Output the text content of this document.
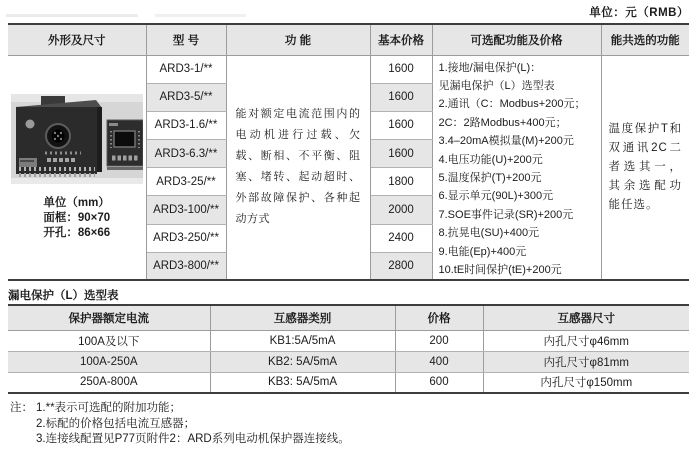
单位：元（RMB）
外形及尺寸	型 号	功 能	基本价格	可选配功能及价格	能共选的功能

单位（mm）
面框：90×70
开孔：86×66
	ARD3-1/**	
能对额定电流范围内的电动机进行过载、欠载、断相、不平衡、阻塞、堵转、起动超时、外部故障保护、各种起动方式
	1600	1.接地/漏电保护(L)：
见漏电保护（L）选型表
2.通讯（C：Modbus+200元；
2C：2路Modbus+400元；
3.4–20mA模拟量(M)+200元
4.电压功能(U)+200元
5.温度保护(T)+200元
6.显示单元(90L)+300元
7.SOE事件记录(SR)+200元
8.抗晃电(SU)+400元
9.电能(Ep)+400元
10.tE时间保护(tE)+200元

温度保护T和双通讯2C二者选其一，其余选配功能任选。

	ARD3-5/**		1600		
	ARD3-1.6/**		1600		
	ARD3-6.3/**		1600		
	ARD3-25/**		1800		
	ARD3-100/**		2000		
	ARD3-250/**		2400		
	ARD3-800/**		2800		
漏电保护（L）选型表
保护器额定电流	互感器类别	价格	互感器尺寸
100A及以下	KB1:5A/5mA	200	内孔尺寸φ46mm
100A-250A	KB2: 5A/5mA	400	内孔尺寸φ81mm
250A-800A	KB3: 5A/5mA	600	内孔尺寸φ150mm
注： 1.**表示可选配的附加功能；
2.标配的价格包括电流互感器；
3.连接线配置见P77页附件2：ARD系列电动机保护器连接线。
